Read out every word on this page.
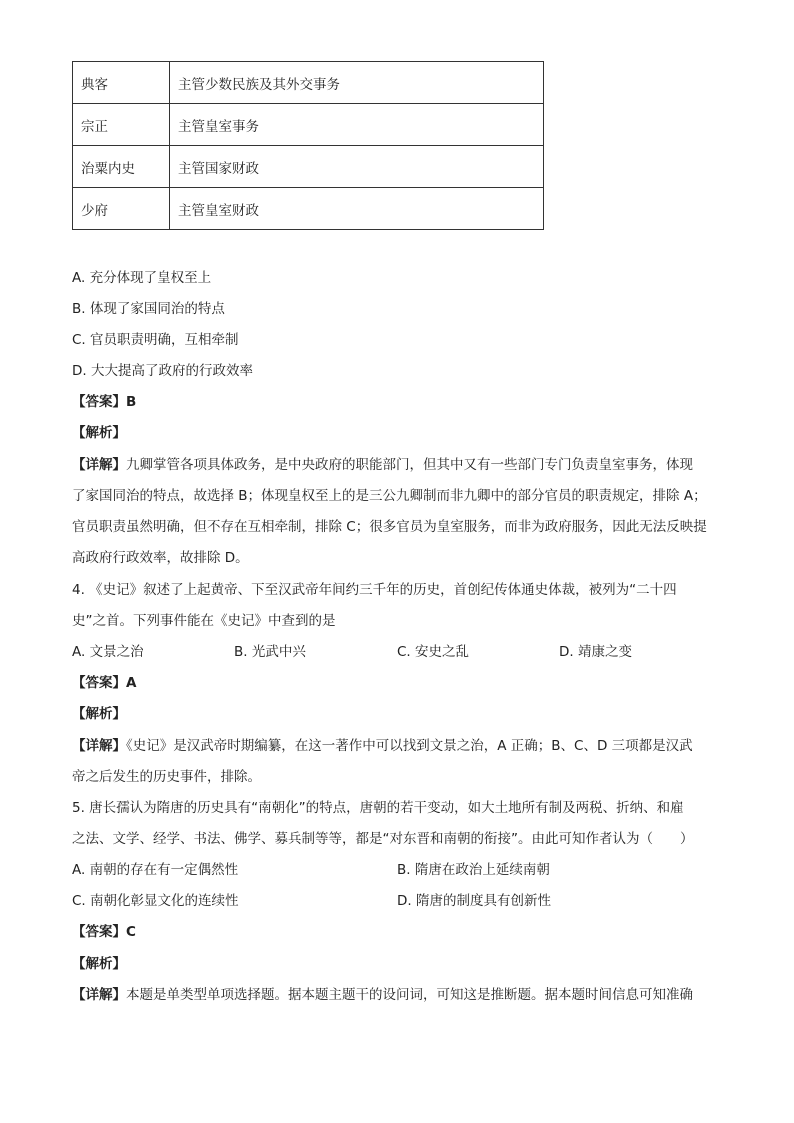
典客	主管少数民族及其外交事务
宗正	主管皇室事务
治粟内史	主管国家财政
少府	主管皇室财政
A. 充分体现了皇权至上
B. 体现了家国同治的特点
C. 官员职责明确，互相牵制
D. 大大提高了政府的行政效率
【答案】B
【解析】
【详解】九卿掌管各项具体政务，是中央政府的职能部门，但其中又有一些部门专门负责皇室事务，体现
了家国同治的特点，故选择 B；体现皇权至上的是三公九卿制而非九卿中的部分官员的职责规定，排除 A；
官员职责虽然明确，但不存在互相牵制，排除 C；很多官员为皇室服务，而非为政府服务，因此无法反映提
高政府行政效率，故排除 D。
4. 《史记》叙述了上起黄帝、下至汉武帝年间约三千年的历史，首创纪传体通史体裁，被列为“二十四
史”之首。下列事件能在《史记》中查到的是
A. 文景之治	B. 光武中兴	C. 安史之乱	D. 靖康之变
【答案】A
【解析】
【详解】《史记》是汉武帝时期编纂，在这一著作中可以找到文景之治，A 正确；B、C、D 三项都是汉武
帝之后发生的历史事件，排除。
5. 唐长孺认为隋唐的历史具有“南朝化”的特点，唐朝的若干变动，如大土地所有制及两税、折纳、和雇
之法、文学、经学、书法、佛学、募兵制等等，都是“对东晋和南朝的衔接”。由此可知作者认为（　　）
A. 南朝的存在有一定偶然性	B. 隋唐在政治上延续南朝
C. 南朝化彰显文化的连续性	D. 隋唐的制度具有创新性
【答案】C
【解析】
【详解】本题是单类型单项选择题。据本题主题干的设问词，可知这是推断题。据本题时间信息可知准确
